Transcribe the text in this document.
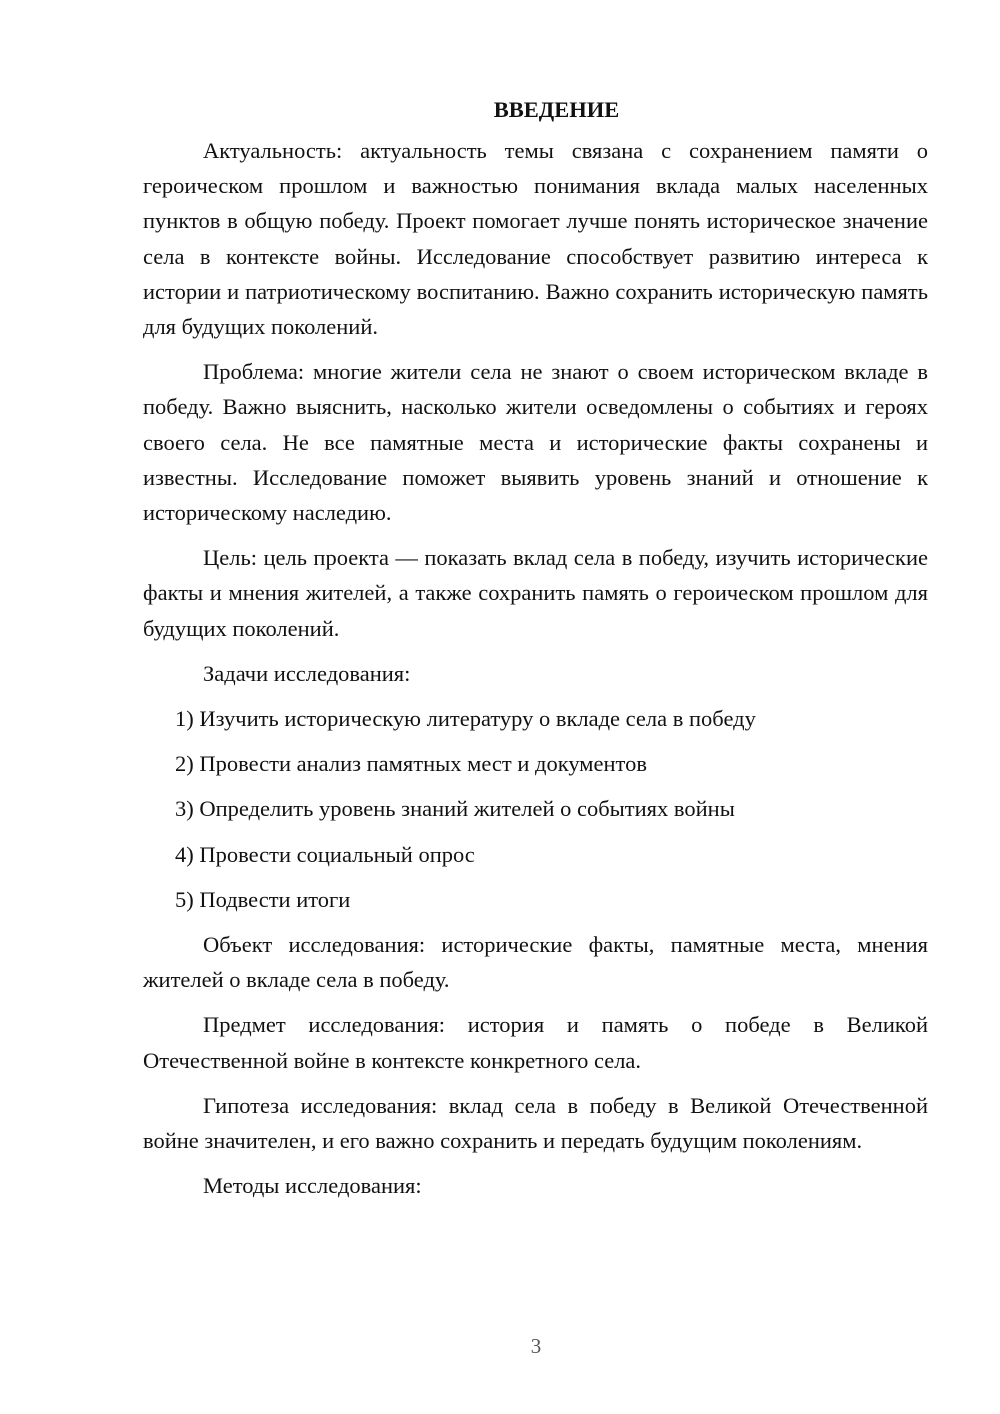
ВВЕДЕНИЕ

Актуальность: актуальность темы связана с сохранением памяти о героическом прошлом и важностью понимания вклада малых населенных пунктов в общую победу. Проект помогает лучше понять историческое значение села в контексте войны. Исследование способствует развитию интереса к истории и патриотическому воспитанию. Важно сохранить историческую память для будущих поколений.

Проблема: многие жители села не знают о своем историческом вкладе в победу. Важно выяснить, насколько жители осведомлены о событиях и героях своего села. Не все памятные места и исторические факты сохранены и известны. Исследование поможет выявить уровень знаний и отношение к историческому наследию.

Цель: цель проекта — показать вклад села в победу, изучить исторические факты и мнения жителей, а также сохранить память о героическом прошлом для будущих поколений.

Задачи исследования:

1) Изучить историческую литературу о вкладе села в победу
2) Провести анализ памятных мест и документов
3) Определить уровень знаний жителей о событиях войны
4) Провести социальный опрос
5) Подвести итоги

Объект исследования: исторические факты, памятные места, мнения жителей о вкладе села в победу.

Предмет исследования: история и память о победе в Великой Отечественной войне в контексте конкретного села.

Гипотеза исследования: вклад села в победу в Великой Отечественной войне значителен, и его важно сохранить и передать будущим поколениям.

Методы исследования:

3
